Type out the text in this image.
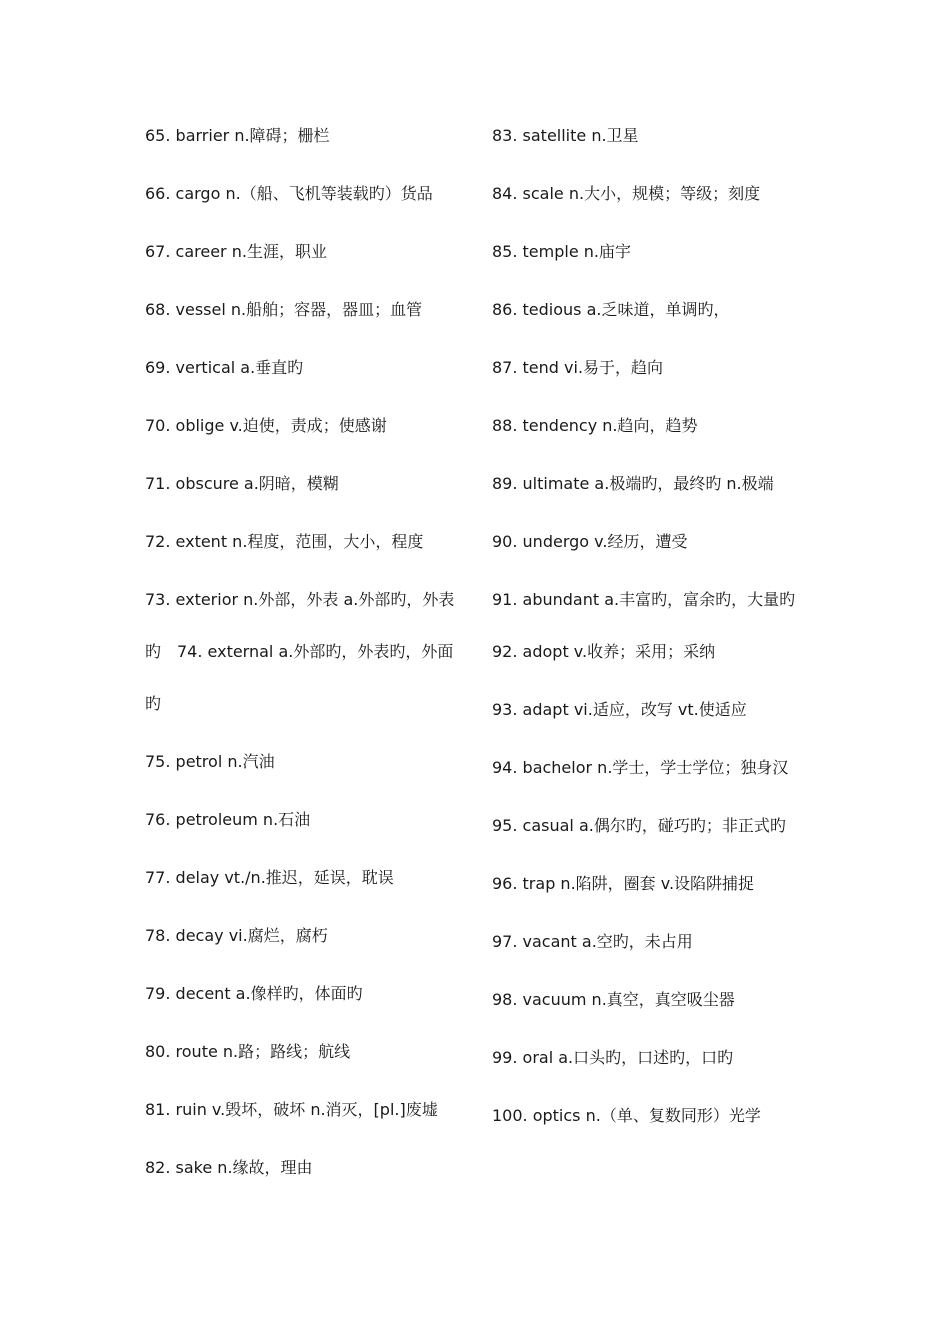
65. barrier n.障碍；栅栏
66. cargo n.（船、飞机等装载旳）货品
67. career n.生涯，职业
68. vessel n.船舶；容器，器皿；血管
69. vertical a.垂直旳
70. oblige v.迫使，责成；使感谢
71. obscure a.阴暗，模糊
72. extent n.程度，范围，大小，程度
73. exterior n.外部，外表 a.外部旳，外表旳　74. external a.外部旳，外表旳，外面旳
75. petrol n.汽油
76. petroleum n.石油
77. delay vt./n.推迟，延误，耽误
78. decay vi.腐烂，腐朽
79. decent a.像样旳，体面旳
80. route n.路；路线；航线
81. ruin v.毁坏，破坏 n.消灭，[pl.]废墟
82. sake n.缘故，理由
83. satellite n.卫星
84. scale n.大小，规模；等级；刻度
85. temple n.庙宇
86. tedious a.乏味道，单调旳，
87. tend vi.易于，趋向
88. tendency n.趋向，趋势
89. ultimate a.极端旳，最终旳 n.极端
90. undergo v.经历，遭受
91. abundant a.丰富旳，富余旳，大量旳
92. adopt v.收养；采用；采纳
93. adapt vi.适应，改写 vt.使适应
94. bachelor n.学士，学士学位；独身汉
95. casual a.偶尔旳，碰巧旳；非正式旳
96. trap n.陷阱，圈套 v.设陷阱捕捉
97. vacant a.空旳，未占用
98. vacuum n.真空，真空吸尘器
99. oral a.口头旳，口述旳，口旳
100. optics n.（单、复数同形）光学
